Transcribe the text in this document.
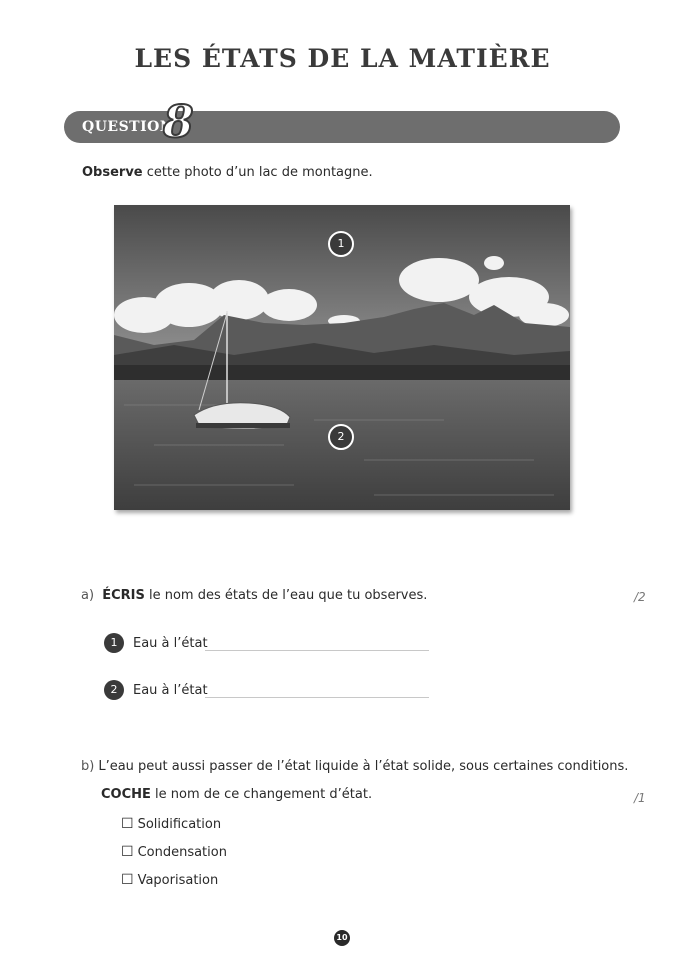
LES ÉTATS DE LA MATIÈRE
QUESTION
8
Observe cette photo d’un lac de montagne.
1
2
a) ÉCRIS le nom des états de l’eau que tu observes.	/2
1	Eau à l’état
2	Eau à l’état
b) L’eau peut aussi passer de l’état liquide à l’état solide, sous certaines conditions.
COCHE le nom de ce changement d’état.	/1
☐ Solidification
☐ Condensation
☐ Vaporisation
10
